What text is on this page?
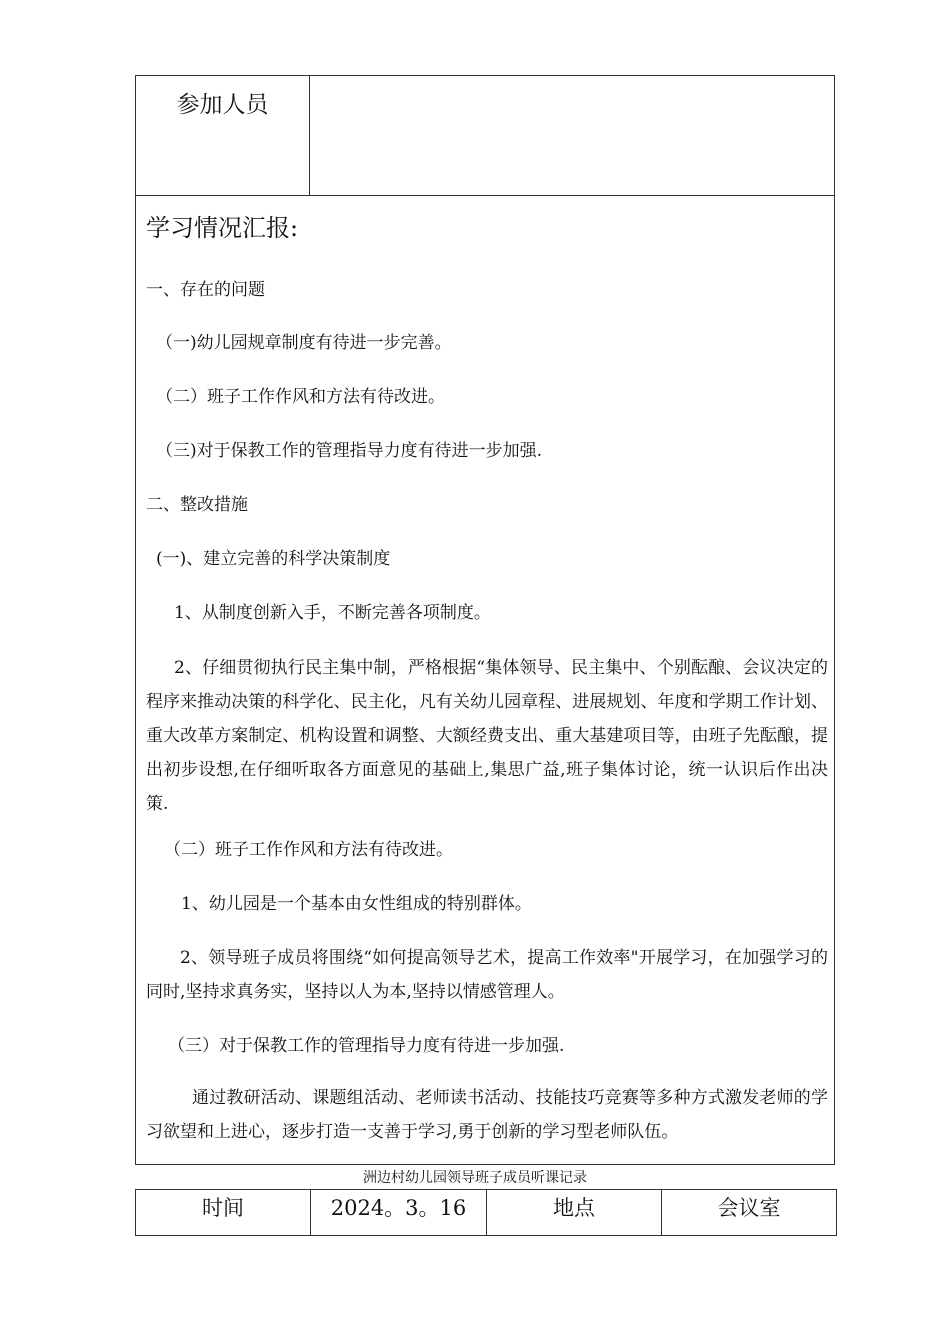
参加人员
学习情况汇报:
一、存在的问题
（一)幼儿园规章制度有待进一步完善。
（二）班子工作作风和方法有待改进。
（三)对于保教工作的管理指导力度有待进一步加强.
二、整改措施
(一)、建立完善的科学决策制度
1、从制度创新入手，不断完善各项制度。
2、仔细贯彻执行民主集中制，严格根据“集体领导、民主集中、个别酝酿、会议决定的程序来推动决策的科学化、民主化，凡有关幼儿园章程、进展规划、年度和学期工作计划、重大改革方案制定、机构设置和调整、大额经费支出、重大基建项目等，由班子先酝酿，提出初步设想,在仔细听取各方面意见的基础上,集思广益,班子集体讨论，统一认识后作出决策.
（二）班子工作作风和方法有待改进。
1、幼儿园是一个基本由女性组成的特别群体。
2、领导班子成员将围绕“如何提高领导艺术，提高工作效率"开展学习，在加强学习的同时,坚持求真务实，坚持以人为本,坚持以情感管理人。
（三）对于保教工作的管理指导力度有待进一步加强.
通过教研活动、课题组活动、老师读书活动、技能技巧竞赛等多种方式激发老师的学习欲望和上进心，逐步打造一支善于学习,勇于创新的学习型老师队伍。
洲边村幼儿园领导班子成员听课记录
时间	2024。3。16	地点	会议室
